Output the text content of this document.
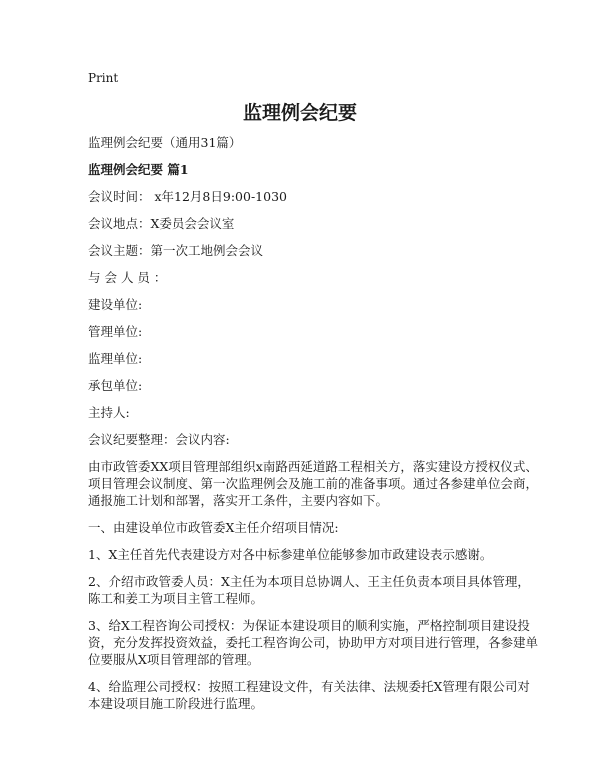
Print
监理例会纪要
监理例会纪要（通用31篇）
监理例会纪要 篇1
会议时间： x年12月8日9:00-1030
会议地点：X委员会会议室
会议主题：第一次工地例会会议
与 会 人 员 ：
建设单位:
管理单位:
监理单位:
承包单位:
主持人:
会议纪要整理：会议内容:
由市政管委XX项目管理部组织x南路西延道路工程相关方，落实建设方授权仪式、
项目管理会议制度、第一次监理例会及施工前的准备事项。通过各参建单位会商，
通报施工计划和部署，落实开工条件，主要内容如下。
一、由建设单位市政管委X主任介绍项目情况:
1、X主任首先代表建设方对各中标参建单位能够参加市政建设表示感谢。
2、介绍市政管委人员：X主任为本项目总协调人、王主任负责本项目具体管理，
陈工和姜工为项目主管工程师。
3、给X工程咨询公司授权：为保证本建设项目的顺利实施，严格控制项目建设投
资，充分发挥投资效益，委托工程咨询公司，协助甲方对项目进行管理，各参建单
位要服从X项目管理部的管理。
4、给监理公司授权：按照工程建设文件，有关法律、法规委托X管理有限公司对
本建设项目施工阶段进行监理。
